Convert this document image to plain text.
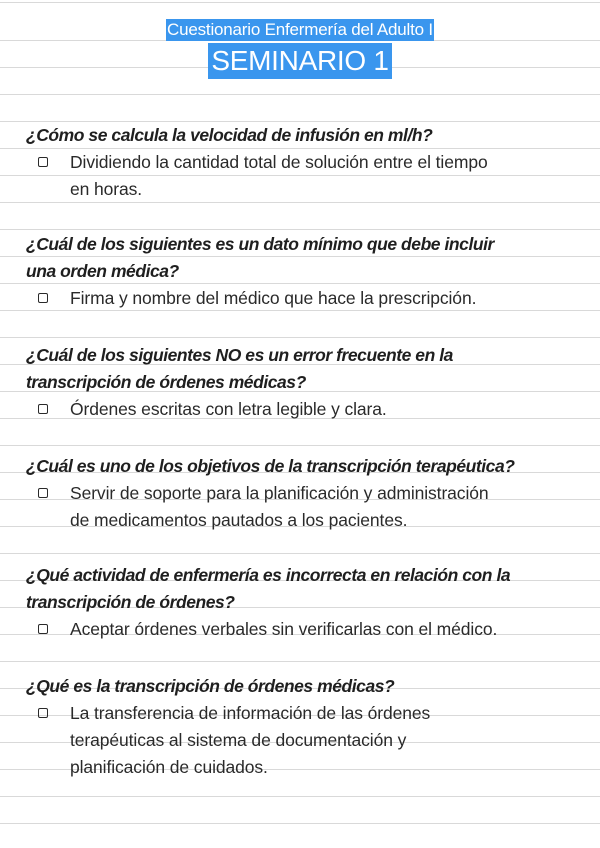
Cuestionario Enfermería del Adulto I
SEMINARIO 1

¿Cómo se calcula la velocidad de infusión en ml/h?

Dividiendo la cantidad total de solución entre el tiempo
en horas.

¿Cuál de los siguientes es un dato mínimo que debe incluir
una orden médica?

Firma y nombre del médico que hace la prescripción.

¿Cuál de los siguientes NO es un error frecuente en la
transcripción de órdenes médicas?

Órdenes escritas con letra legible y clara.

¿Cuál es uno de los objetivos de la transcripción terapéutica?

Servir de soporte para la planificación y administración
de medicamentos pautados a los pacientes.

¿Qué actividad de enfermería es incorrecta en relación con la
transcripción de órdenes?

Aceptar órdenes verbales sin verificarlas con el médico.

¿Qué es la transcripción de órdenes médicas?

La transferencia de información de las órdenes
terapéuticas al sistema de documentación y
planificación de cuidados.
